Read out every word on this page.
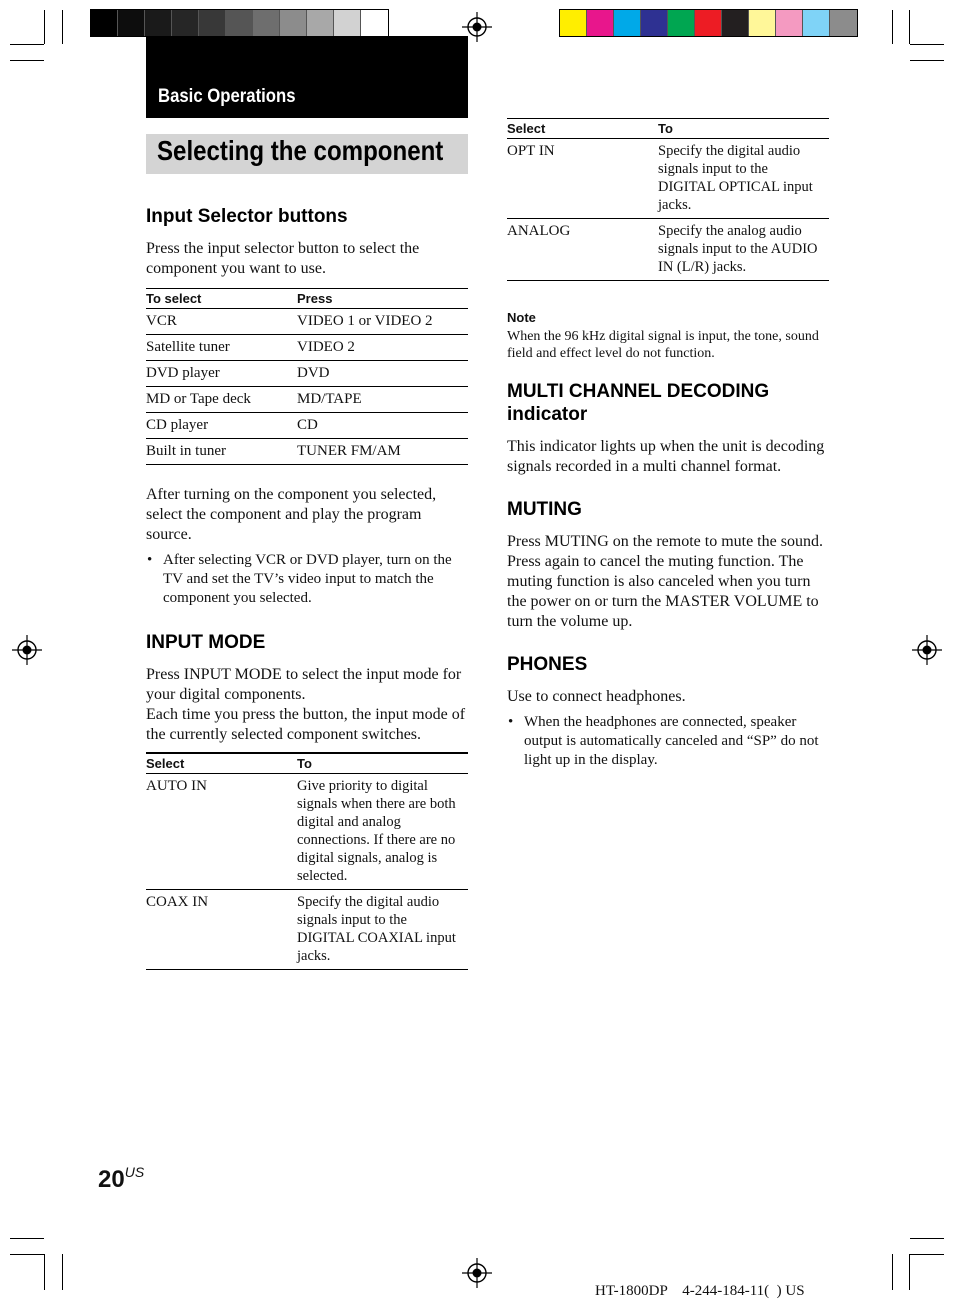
Basic Operations
Selecting the component
Input Selector buttons

Press the input selector button to select the component you want to use.

To select	Press
VCR	VIDEO 1 or VIDEO 2
Satellite tuner	VIDEO 2
DVD player	DVD
MD or Tape deck	MD/TAPE
CD player	CD
Built in tuner	TUNER FM/AM

After turning on the component you selected, select the component and play the program source.

• After selecting VCR or DVD player, turn on the TV and set the TV’s video input to match the component you selected.
INPUT MODE

Press INPUT MODE to select the input mode for your digital components.

Each time you press the button, the input mode of the currently selected component switches.

Select	To
AUTO IN	Give priority to digital signals when there are both digital and analog connections. If there are no digital signals, analog is selected.
COAX IN	Specify the digital audio signals input to the DIGITAL COAXIAL input jacks.
Select	To
OPT IN	Specify the digital audio signals input to the DIGITAL OPTICAL input jacks.
ANALOG	Specify the analog audio signals input to the AUDIO IN (L/R) jacks.

Note

When the 96 kHz digital signal is input, the tone, sound field and effect level do not function.

MULTI CHANNEL DECODING indicator

This indicator lights up when the unit is decoding signals recorded in a multi channel format.

MUTING

Press MUTING on the remote to mute the sound. Press again to cancel the muting function. The muting function is also canceled when you turn the power on or turn the MASTER VOLUME to turn the volume up.

PHONES

Use to connect headphones.

• When the headphones are connected, speaker output is automatically canceled and “SP” do not light up in the display.
$20^{US}$
HT-1800DP    4-244-184-11(  ) US
